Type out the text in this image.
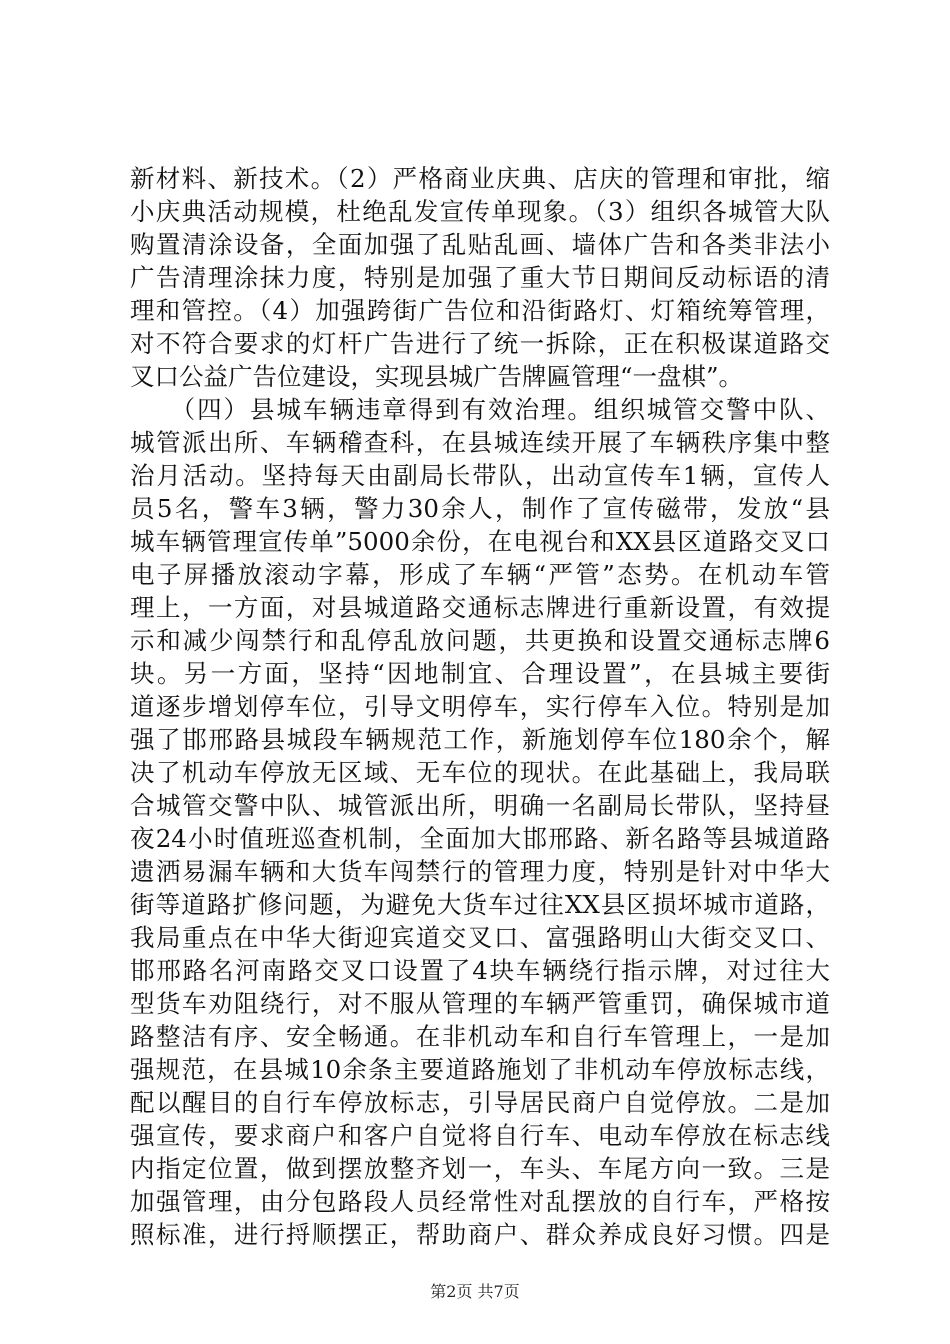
新材料、新技术。（2）严格商业庆典、店庆的管理和审批，缩
小庆典活动规模，杜绝乱发宣传单现象。（3）组织各城管大队
购置清涂设备，全面加强了乱贴乱画、墙体广告和各类非法小
广告清理涂抹力度，特别是加强了重大节日期间反动标语的清
理和管控。（4）加强跨街广告位和沿街路灯、灯箱统筹管理，
对不符合要求的灯杆广告进行了统一拆除，正在积极谋道路交
叉口公益广告位建设，实现县城广告牌匾管理“一盘棋”。
　　（四）县城车辆违章得到有效治理。组织城管交警中队、
城管派出所、车辆稽查科，在县城连续开展了车辆秩序集中整
治月活动。坚持每天由副局长带队，出动宣传车1辆，宣传人
员5名，警车3辆，警力30余人，制作了宣传磁带，发放“县
城车辆管理宣传单”5000余份，在电视台和XX县区道路交叉口
电子屏播放滚动字幕，形成了车辆“严管”态势。在机动车管
理上，一方面，对县城道路交通标志牌进行重新设置，有效提
示和减少闯禁行和乱停乱放问题，共更换和设置交通标志牌6
块。另一方面，坚持“因地制宜、合理设置”，在县城主要街
道逐步增划停车位，引导文明停车，实行停车入位。特别是加
强了邯邢路县城段车辆规范工作，新施划停车位180余个，解
决了机动车停放无区域、无车位的现状。在此基础上，我局联
合城管交警中队、城管派出所，明确一名副局长带队，坚持昼
夜24小时值班巡查机制，全面加大邯邢路、新名路等县城道路
遗洒易漏车辆和大货车闯禁行的管理力度，特别是针对中华大
街等道路扩修问题，为避免大货车过往XX县区损坏城市道路，
我局重点在中华大街迎宾道交叉口、富强路明山大街交叉口、
邯邢路名河南路交叉口设置了4块车辆绕行指示牌，对过往大
型货车劝阻绕行，对不服从管理的车辆严管重罚，确保城市道
路整洁有序、安全畅通。在非机动车和自行车管理上，一是加
强规范，在县城10余条主要道路施划了非机动车停放标志线，
配以醒目的自行车停放标志，引导居民商户自觉停放。二是加
强宣传，要求商户和客户自觉将自行车、电动车停放在标志线
内指定位置，做到摆放整齐划一，车头、车尾方向一致。三是
加强管理，由分包路段人员经常性对乱摆放的自行车，严格按
照标准，进行捋顺摆正，帮助商户、群众养成良好习惯。四是
第2页 共7页
